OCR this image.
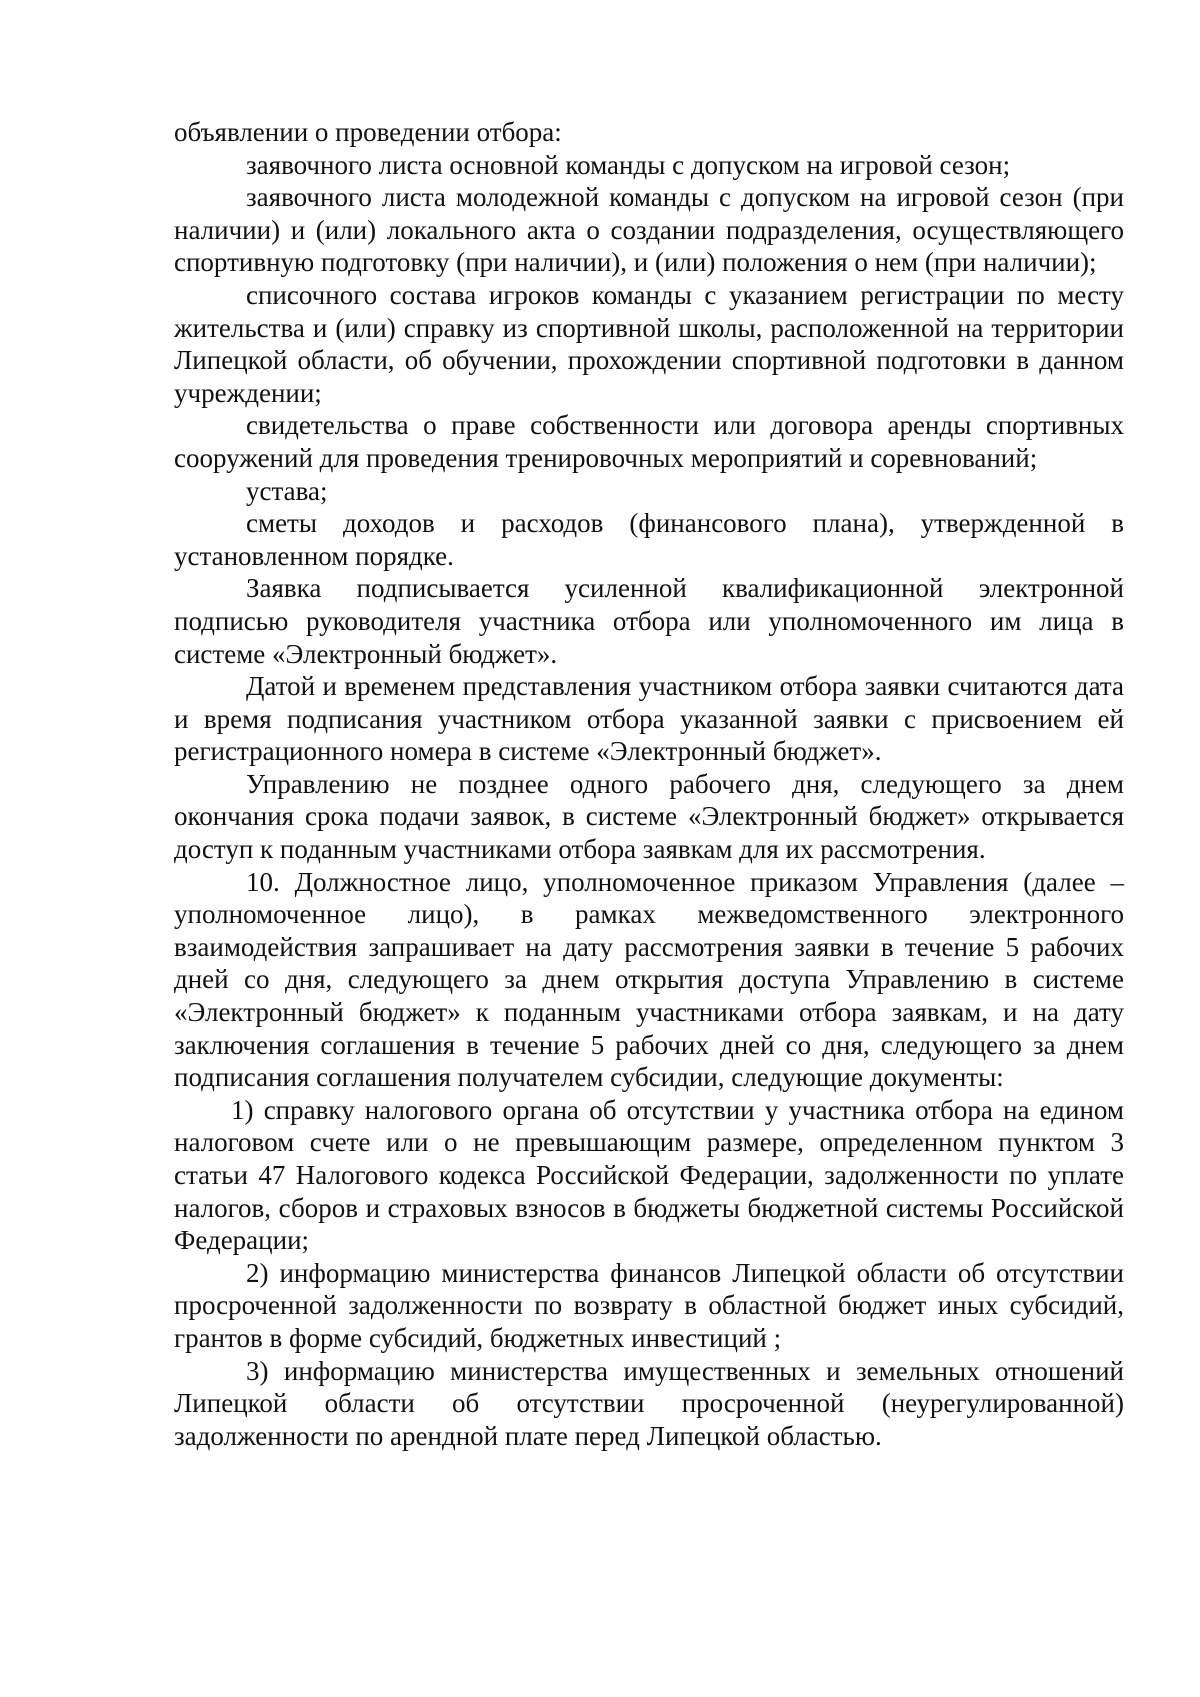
объявлении о проведении отбора:

заявочного листа основной команды с допуском на игровой сезон;

заявочного листа молодежной команды с допуском на игровой сезон (при наличии) и (или) локального акта о создании подразделения, осуществляющего спортивную подготовку (при наличии), и (или) положения о нем (при наличии);

списочного состава игроков команды с указанием регистрации по месту жительства и (или) справку из спортивной школы, расположенной на территории Липецкой области, об обучении, прохождении спортивной подготовки в данном учреждении;

свидетельства о праве собственности или договора аренды спортивных сооружений для проведения тренировочных мероприятий и соревнований;

устава;

сметы доходов и расходов (финансового плана), утвержденной в установленном порядке.

Заявка подписывается усиленной квалификационной электронной подписью руководителя участника отбора или уполномоченного им лица в системе «Электронный бюджет».

Датой и временем представления участником отбора заявки считаются дата и время подписания участником отбора указанной заявки с присвоением ей регистрационного номера в системе «Электронный бюджет».

Управлению не позднее одного рабочего дня, следующего за днем окончания срока подачи заявок, в системе «Электронный бюджет» открывается доступ к поданным участниками отбора заявкам для их рассмотрения.

10. Должностное лицо, уполномоченное приказом Управления (далее – уполномоченное лицо), в рамках межведомственного электронного взаимодействия запрашивает на дату рассмотрения заявки в течение 5 рабочих дней со дня, следующего за днем открытия доступа Управлению в системе «Электронный бюджет» к поданным участниками отбора заявкам, и на дату заключения соглашения в течение 5 рабочих дней со дня, следующего за днем подписания соглашения получателем субсидии, следующие документы:

1) справку налогового органа об отсутствии у участника отбора на едином налоговом счете или о не превышающим размере, определенном пунктом 3 статьи 47 Налогового кодекса Российской Федерации, задолженности по уплате налогов, сборов и страховых взносов в бюджеты бюджетной системы Российской Федерации;

2) информацию министерства финансов Липецкой области об отсутствии просроченной задолженности по возврату в областной бюджет иных субсидий, грантов в форме субсидий, бюджетных инвестиций ;

3) информацию министерства имущественных и земельных отношений Липецкой области об отсутствии просроченной (неурегулированной) задолженности по арендной плате перед Липецкой областью.
